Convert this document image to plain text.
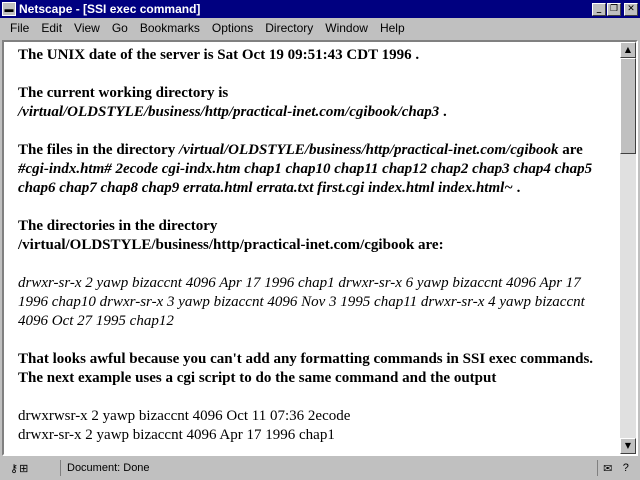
▬ Netscape - [SSI exec command]	_ ❐	✕
File	Edit	View	Go	Bookmarks	Options	Directory	Window	Help

The UNIX date of the server is Sat Oct 19 09:51:43 CDT 1996 .

The current working directory is
/virtual/OLDSTYLE/business/http/practical-inet.com/cgibook/chap3 .

The files in the directory /virtual/OLDSTYLE/business/http/practical-inet.com/cgibook are #cgi-indx.htm# 2ecode cgi-indx.htm chap1 chap10 chap11 chap12 chap2 chap3 chap4 chap5 chap6 chap7 chap8 chap9 errata.html errata.txt first.cgi index.html index.html~ .

The directories in the directory
/virtual/OLDSTYLE/business/http/practical-inet.com/cgibook are:

drwxr-sr-x 2 yawp bizaccnt 4096 Apr 17 1996 chap1 drwxr-sr-x 6 yawp bizaccnt 4096 Apr 17 1996 chap10 drwxr-sr-x 3 yawp bizaccnt 4096 Nov 3 1995 chap11 drwxr-sr-x 4 yawp bizaccnt 4096 Oct 27 1995 chap12

That looks awful because you can't add any formatting commands in SSI exec commands. The next example uses a cgi script to do the same command and the output

drwxrwsr-x 2 yawp bizaccnt 4096 Oct 11 07:36 2ecode
drwxr-sr-x 2 yawp bizaccnt 4096 Apr 17 1996 chap1
▲
▼
⚷ ⊞	Document: Done	✉ ?
